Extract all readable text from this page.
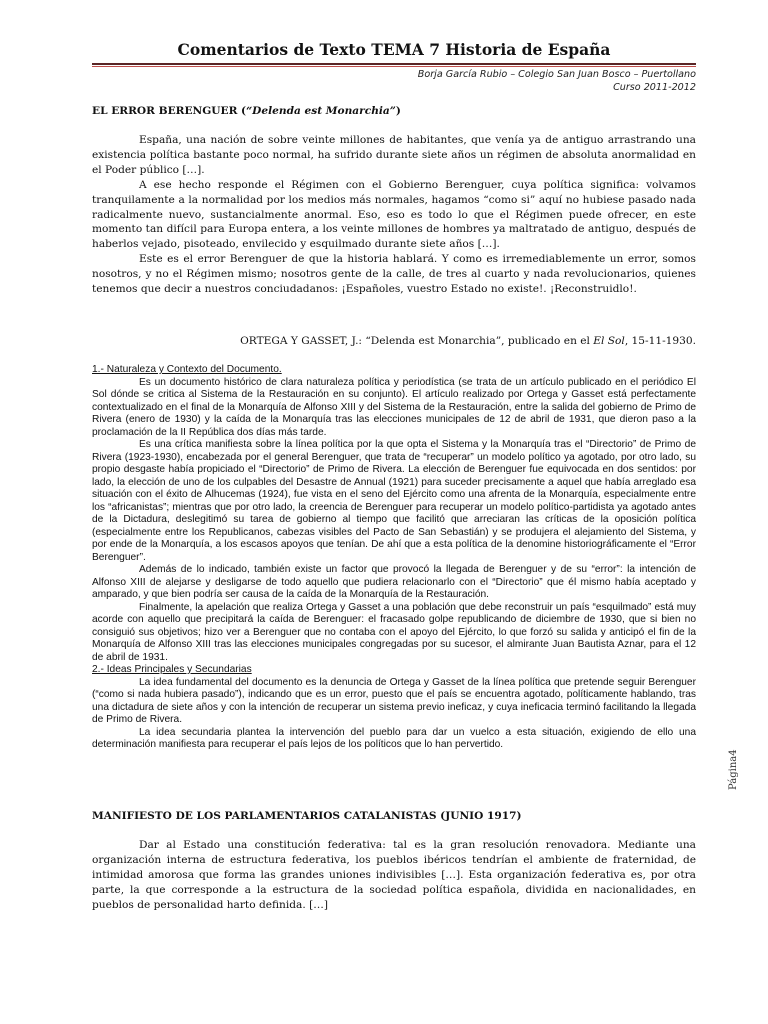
Comentarios de Texto TEMA 7 Historia de España
Borja García Rubio – Colegio San Juan Bosco – Puertollano
Curso 2011-2012
EL ERROR BERENGUER (“Delenda est Monarchia”)

España, una nación de sobre veinte millones de habitantes, que venía ya de antiguo arrastrando una existencia política bastante poco normal, ha sufrido durante siete años un régimen de absoluta anormalidad en el Poder público […].

A ese hecho responde el Régimen con el Gobierno Berenguer, cuya política significa: volvamos tranquilamente a la normalidad por los medios más normales, hagamos “como si” aquí no hubiese pasado nada radicalmente nuevo, sustancialmente anormal. Eso, eso es todo lo que el Régimen puede ofrecer, en este momento tan difícil para Europa entera, a los veinte millones de hombres ya maltratado de antiguo, después de haberlos vejado, pisoteado, envilecido y esquilmado durante siete años […].

Este es el error Berenguer de que la historia hablará. Y como es irremediablemente un error, somos nosotros, y no el Régimen mismo; nosotros gente de la calle, de tres al cuarto y nada revolucionarios, quienes tenemos que decir a nuestros conciudadanos: ¡Españoles, vuestro Estado no existe!. ¡Reconstruidlo!.

ORTEGA Y GASSET, J.: “Delenda est Monarchia”, publicado en el El Sol, 15-11-1930.

1.- Naturaleza y Contexto del Documento.

Es un documento histórico de clara naturaleza política y periodística (se trata de un artículo publicado en el periódico El Sol dónde se critica al Sistema de la Restauración en su conjunto). El artículo realizado por Ortega y Gasset está perfectamente contextualizado en el final de la Monarquía de Alfonso XIII y del Sistema de la Restauración, entre la salida del gobierno de Primo de Rivera (enero de 1930) y la caída de la Monarquía tras las elecciones municipales de 12 de abril de 1931, que dieron paso a la proclamación de la II República dos días más tarde.

Es una crítica manifiesta sobre la línea política por la que opta el Sistema y la Monarquía tras el “Directorio” de Primo de Rivera (1923-1930), encabezada por el general Berenguer, que trata de “recuperar” un modelo político ya agotado, por otro lado, su propio desgaste había propiciado el “Directorio” de Primo de Rivera. La elección de Berenguer fue equivocada en dos sentidos: por lado, la elección de uno de los culpables del Desastre de Annual (1921) para suceder precisamente a aquel que había arreglado esa situación con el éxito de Alhucemas (1924), fue vista en el seno del Ejército como una afrenta de la Monarquía, especialmente entre los “africanistas”; mientras que por otro lado, la creencia de Berenguer para recuperar un modelo político-partidista ya agotado antes de la Dictadura, deslegitimó su tarea de gobierno al tiempo que facilitó que arreciaran las críticas de la oposición política (especialmente entre los Republicanos, cabezas visibles del Pacto de San Sebastián) y se produjera el alejamiento del Sistema, y por ende de la Monarquía, a los escasos apoyos que tenían. De ahí que a esta política de la denomine historiográficamente el “Error Berenguer”.

Además de lo indicado, también existe un factor que provocó la llegada de Berenguer y de su “error”: la intención de Alfonso XIII de alejarse y desligarse de todo aquello que pudiera relacionarlo con el “Directorio” que él mismo había aceptado y amparado, y que bien podría ser causa de la caída de la Monarquía de la Restauración.

Finalmente, la apelación que realiza Ortega y Gasset a una población que debe reconstruir un país “esquilmado” está muy acorde con aquello que precipitará la caída de Berenguer: el fracasado golpe republicando de diciembre de 1930, que si bien no consiguió sus objetivos; hizo ver a Berenguer que no contaba con el apoyo del Ejército, lo que forzó su salida y anticipó el fin de la Monarquía de Alfonso XIII tras las elecciones municipales congregadas por su sucesor, el almirante Juan Bautista Aznar, para el 12 de abril de 1931.

2.- Ideas Principales y Secundarias

La idea fundamental del documento es la denuncia de Ortega y Gasset de la línea política que pretende seguir Berenguer (“como si nada hubiera pasado”), indicando que es un error, puesto que el país se encuentra agotado, políticamente hablando, tras una dictadura de siete años y con la intención de recuperar un sistema previo ineficaz, y cuya ineficacia terminó facilitando la llegada de Primo de Rivera.

La idea secundaria plantea la intervención del pueblo para dar un vuelco a esta situación, exigiendo de ello una determinación manifiesta para recuperar el país lejos de los políticos que lo han pervertido.

MANIFIESTO DE LOS PARLAMENTARIOS CATALANISTAS (JUNIO 1917)

Dar al Estado una constitución federativa: tal es la gran resolución renovadora. Mediante una organización interna de estructura federativa, los pueblos ibéricos tendrían el ambiente de fraternidad, de intimidad amorosa que forma las grandes uniones indivisibles […]. Esta organización federativa es, por otra parte, la que corresponde a la estructura de la sociedad política española, dividida en nacionalidades, en pueblos de personalidad harto definida. […]

Página4
